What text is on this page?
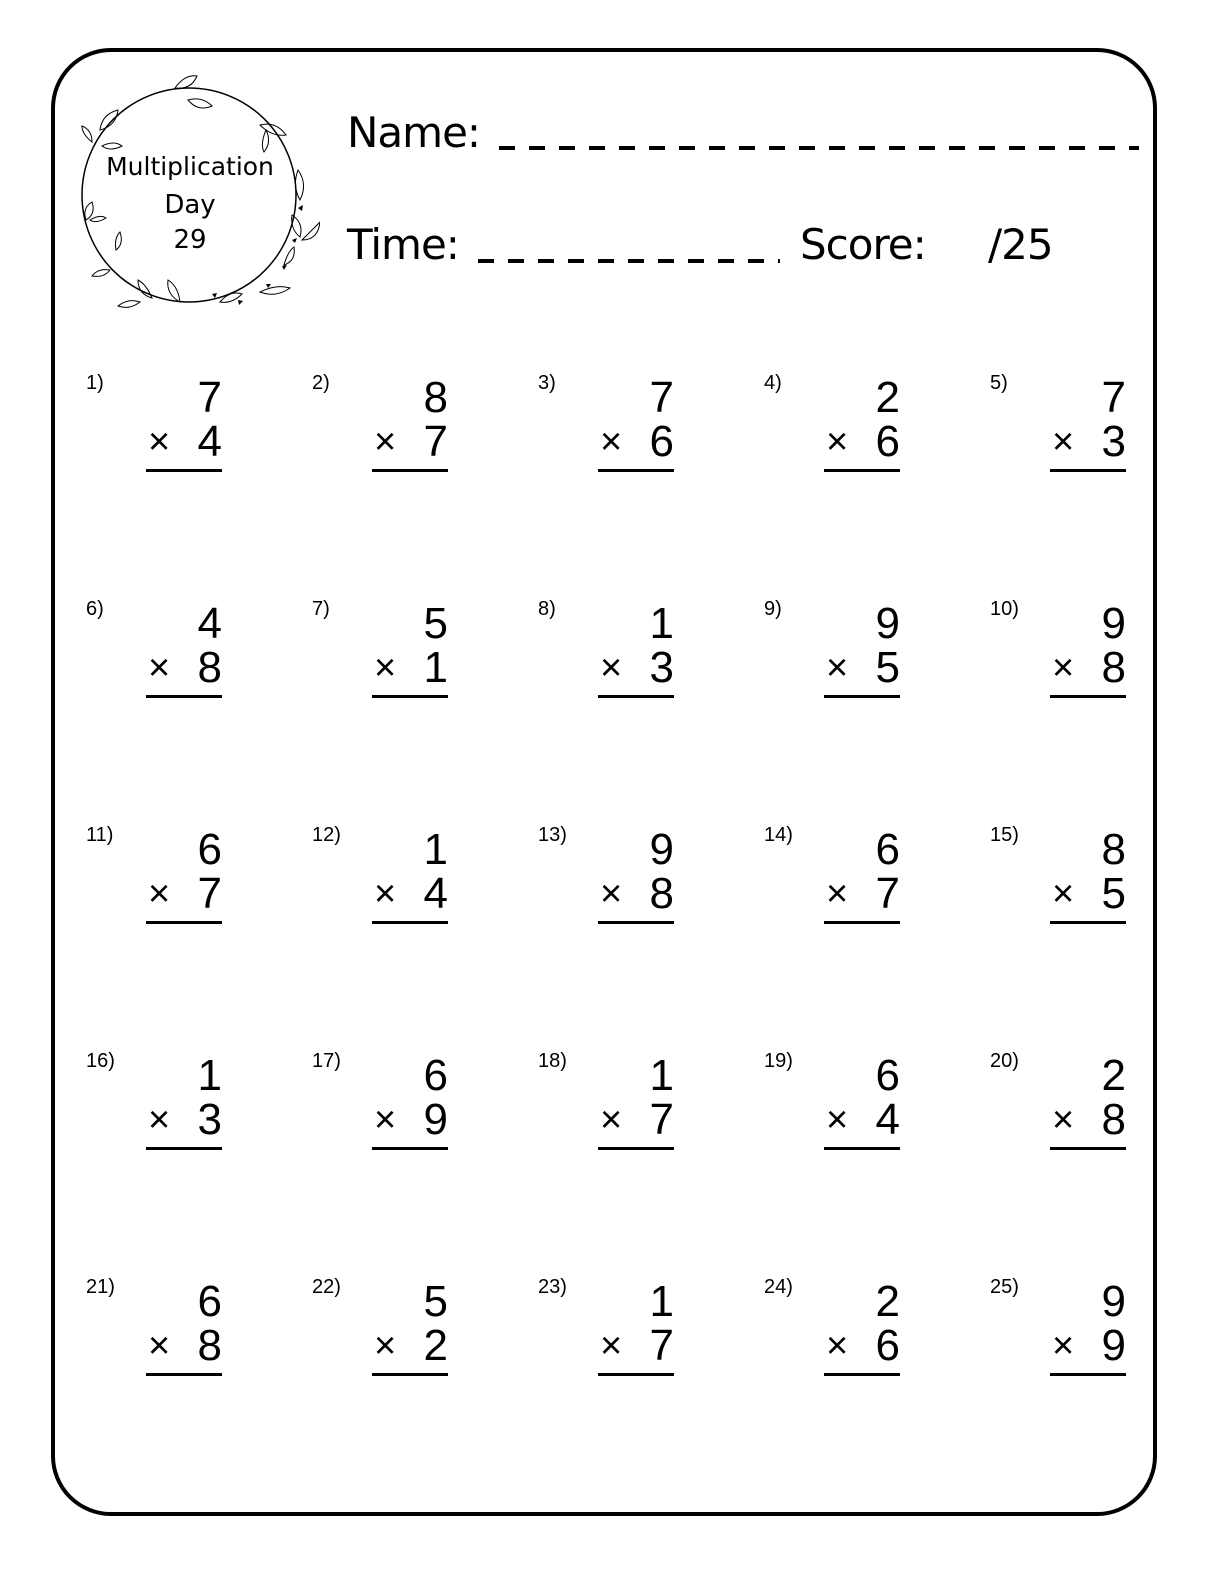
Multiplication
Day
29
Name:
Time:	Score: /25
1) 7
× 4
2) 8
× 7
3) 7
× 6
4) 2
× 6
5) 7
× 3
6) 4
× 8
7) 5
× 1
8) 1
× 3
9) 9
× 5
10) 9
× 8
11) 6
× 7
12) 1
× 4
13) 9
× 8
14) 6
× 7
15) 8
× 5
16) 1
× 3
17) 6
× 9
18) 1
× 7
19) 6
× 4
20) 2
× 8
21) 6
× 8
22) 5
× 2
23) 1
× 7
24) 2
× 6
25) 9
× 9
